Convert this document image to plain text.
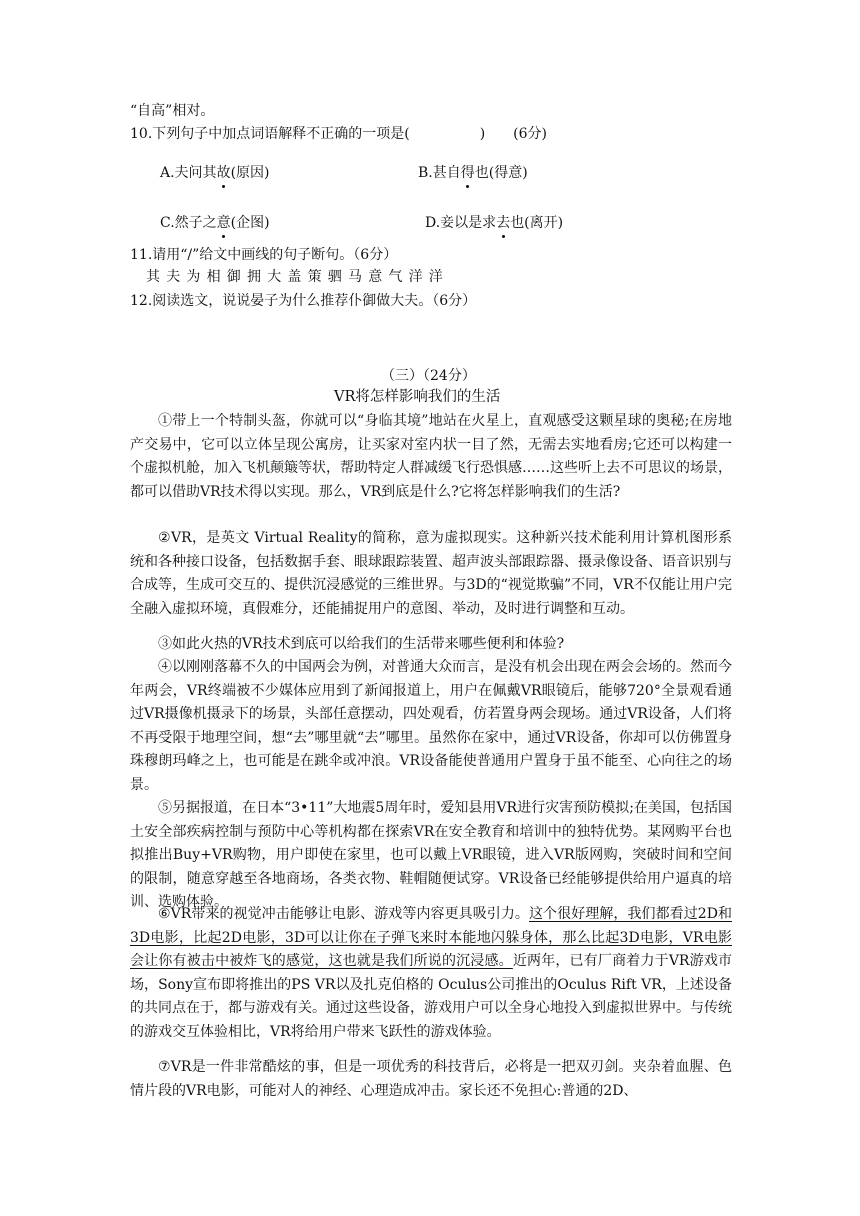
“自高”相对。
10.下列句子中加点词语解释不正确的一项是(　　　　　)　　(6分)
A.夫问其故(原因)	B.甚自得也(得意)
C.然子之意(企图)	D.妾以是求去也(离开)
11.请用“/”给文中画线的句子断句。（6分）
其夫为相御拥大盖策驷马意气洋洋
12.阅读选文，说说晏子为什么推荐仆御做大夫。（6分）
（三）（24分）
VR将怎样影响我们的生活
①带上一个特制头盔，你就可以“身临其境”地站在火星上，直观感受这颗星球的奥秘;在房地产交易中，它可以立体呈现公寓房，让买家对室内状一目了然，无需去实地看房;它还可以构建一个虚拟机舱，加入飞机颠簸等状，帮助特定人群减缓飞行恐惧感……这些听上去不可思议的场景，都可以借助VR技术得以实现。那么，VR到底是什么?它将怎样影响我们的生活?
②VR，是英文 Virtual Reality的简称，意为虚拟现实。这种新兴技术能利用计算机图形系统和各种接口设备，包括数据手套、眼球跟踪装置、超声波头部跟踪器、摄录像设备、语音识别与合成等，生成可交互的、提供沉浸感觉的三维世界。与3D的“视觉欺骗”不同，VR不仅能让用户完全融入虚拟环境，真假难分，还能捕捉用户的意图、举动，及时进行调整和互动。
③如此火热的VR技术到底可以给我们的生活带来哪些便利和体验?
④以刚刚落幕不久的中国两会为例，对普通大众而言，是没有机会出现在两会会场的。然而今年两会，VR终端被不少媒体应用到了新闻报道上，用户在佩戴VR眼镜后，能够720°全景观看通过VR摄像机摄录下的场景，头部任意摆动，四处观看，仿若置身两会现场。通过VR设备，人们将不再受限于地理空间，想“去”哪里就“去”哪里。虽然你在家中，通过VR设备，你却可以仿佛置身珠穆朗玛峰之上，也可能是在跳伞或冲浪。VR设备能使普通用户置身于虽不能至、心向往之的场景。
⑤另据报道，在日本“3•11”大地震5周年时，爱知县用VR进行灾害预防模拟;在美国，包括国土安全部疾病控制与预防中心等机构都在探索VR在安全教育和培训中的独特优势。某网购平台也拟推出Buy+VR购物，用户即使在家里，也可以戴上VR眼镜，进入VR版网购，突破时间和空间的限制，随意穿越至各地商场，各类衣物、鞋帽随便试穿。VR设备已经能够提供给用户逼真的培训、选购体验。
⑥VR带来的视觉冲击能够让电影、游戏等内容更具吸引力。这个很好理解，我们都看过2D和3D电影，比起2D电影，3D可以让你在子弹飞来时本能地闪躲身体，那么比起3D电影，VR电影会让你有被击中被炸飞的感觉，这也就是我们所说的沉浸感。近两年，已有厂商着力于VR游戏市场，Sony宣布即将推出的PS VR以及扎克伯格的 Oculus公司推出的Oculus Rift VR，上述设备的共同点在于，都与游戏有关。通过这些设备，游戏用户可以全身心地投入到虚拟世界中。与传统的游戏交互体验相比，VR将给用户带来飞跃性的游戏体验。
⑦VR是一件非常酷炫的事，但是一项优秀的科技背后，必将是一把双刃剑。夹杂着血腥、色情片段的VR电影，可能对人的神经、心理造成冲击。家长还不免担心:普通的2D、
